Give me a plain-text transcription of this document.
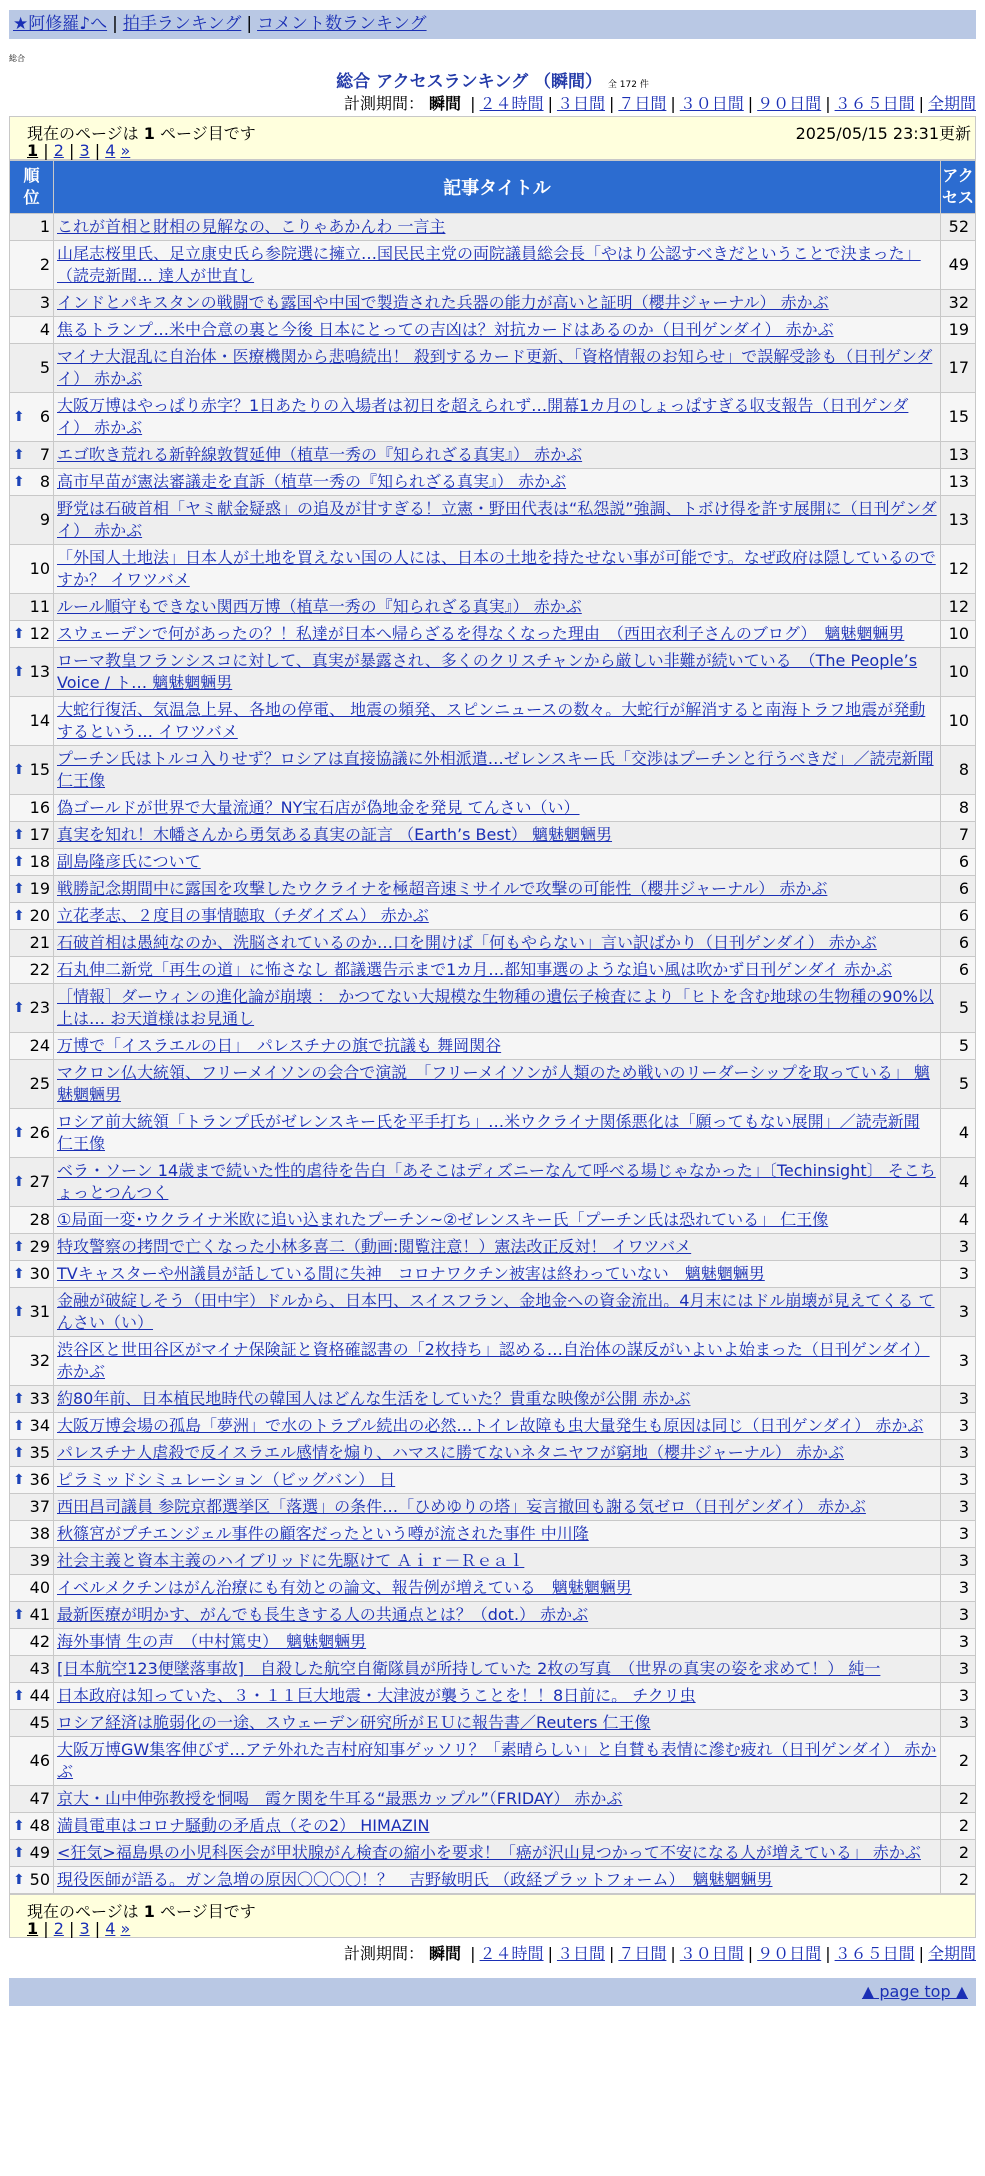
★阿修羅♪へ | 拍手ランキング | コメント数ランキング
総合
総合 アクセスランキング （瞬間） 全 172 件
計測期間： 瞬間 | ２４時間 | ３日間 | ７日間 | ３０日間 | ９０日間 | ３６５日間 | 全期間
現在のページは 1 ページ目です	2025/05/15 23:31更新
1 | 2 | 3 | 4 »
順
位	記事タイトル	アク
セス
1	これが首相と財相の見解なの、こりゃあかんわ 一言主	52
2	山尾志桜里氏、足立康史氏ら参院選に擁立…国民民主党の両院議員総会長「やはり公認すべきだということで決まった」（読売新聞… 達人が世直し	49
3	インドとパキスタンの戦闘でも露国や中国で製造された兵器の能力が高いと証明（櫻井ジャーナル） 赤かぶ	32
4	焦るトランプ…米中合意の裏と今後 日本にとっての吉凶は？対抗カードはあるのか（日刊ゲンダイ） 赤かぶ	19
5	マイナ大混乱に自治体・医療機関から悲鳴続出！ 殺到するカード更新、「資格情報のお知らせ」で誤解受診も（日刊ゲンダイ） 赤かぶ	17

⬆ 6	大阪万博はやっぱり赤字？1日あたりの入場者は初日を超えられず…開幕1カ月のしょっぱすぎる収支報告（日刊ゲンダイ） 赤かぶ	15

⬆ 7	エゴ吹き荒れる新幹線敦賀延伸（植草一秀の『知られざる真実』） 赤かぶ	13

⬆ 8	高市早苗が憲法審議走を直訴（植草一秀の『知られざる真実』） 赤かぶ	13
9	野党は石破首相「ヤミ献金疑惑」の追及が甘すぎる！立憲・野田代表は“私怨説”強調、トボけ得を許す展開に（日刊ゲンダイ） 赤かぶ	13
10	「外国人土地法」日本人が土地を買えない国の人には、日本の土地を持たせない事が可能です。なぜ政府は隠しているのですか？ イワツバメ	12
11	ルール順守もできない関西万博（植草一秀の『知られざる真実』） 赤かぶ	12

⬆ 12	スウェーデンで何があったの？！私達が日本へ帰らざるを得なくなった理由　（西田衣利子さんのブログ）　魑魅魍魎男	10

⬆ 13	ローマ教皇フランシスコに対して、真実が暴露され、多くのクリスチャンから厳しい非難が続いている　（The People’s Voice / ト… 魑魅魍魎男	10
14	大蛇行復活、気温急上昇、各地の停電、 地震の頻発、スピンニュースの数々。大蛇行が解消すると南海トラフ地震が発動するという… イワツバメ	10

⬆ 15	プーチン氏はトルコ入りせず？ロシアは直接協議に外相派遣…ゼレンスキー氏「交渉はプーチンと行うべきだ」／読売新聞 仁王像	8
16	偽ゴールドが世界で大量流通？NY宝石店が偽地金を発見 てんさい（い）	8

⬆ 17	真実を知れ！木幡さんから勇気ある真実の証言 （Earth’s Best） 魑魅魍魎男	7

⬆ 18	副島隆彦氏について	6

⬆ 19	戦勝記念期間中に露国を攻撃したウクライナを極超音速ミサイルで攻撃の可能性（櫻井ジャーナル） 赤かぶ	6

⬆ 20	立花孝志、２度目の事情聴取（チダイズム） 赤かぶ	6
21	石破首相は愚純なのか、洗脳されているのか…口を開けば「何もやらない」言い訳ばかり（日刊ゲンダイ） 赤かぶ	6
22	石丸伸二新党「再生の道」に怖さなし 都議選告示まで1カ月…都知事選のような追い風は吹かず日刊ゲンダイ 赤かぶ	6

⬆ 23	［情報］ダーウィンの進化論が崩壊 ： かつてない大規模な生物種の遺伝子検査により「ヒトを含む地球の生物種の90%以上は… お天道様はお見通し	5
24	万博で「イスラエルの日」　パレスチナの旗で抗議も 舞岡関谷	5
25	マクロン仏大統領、フリーメイソンの会合で演説　「フリーメイソンが人類のため戦いのリーダーシップを取っている」 魑魅魍魎男	5

⬆ 26	ロシア前大統領「トランプ氏がゼレンスキー氏を平手打ち」…米ウクライナ関係悪化は「願ってもない展開」／読売新聞 仁王像	4

⬆ 27	ベラ・ソーン 14歳まで続いた性的虐待を告白「あそこはディズニーなんて呼べる場じゃなかった」〔Techinsight〕 そこちょっとつんつく	4
28	①局面一変･ウクライナ米欧に追い込まれたプーチン~②ゼレンスキー氏「プーチン氏は恐れている」 仁王像	4

⬆ 29	特攻警察の拷問で亡くなった小林多喜二（動画:閲覧注意！）憲法改正反対！ イワツバメ	3

⬆ 30	TVキャスターや州議員が話している間に失神　コロナワクチン被害は終わっていない　魑魅魍魎男	3

⬆ 31	金融が破綻しそう（田中宇）ドルから、日本円、スイスフラン、金地金への資金流出。4月末にはドル崩壊が見えてくる てんさい（い）	3
32	渋谷区と世田谷区がマイナ保険証と資格確認書の「2枚持ち」認める…自治体の謀反がいよいよ始まった（日刊ゲンダイ） 赤かぶ	3

⬆ 33	約80年前、日本植民地時代の韓国人はどんな生活をしていた？貴重な映像が公開 赤かぶ	3

⬆ 34	大阪万博会場の孤島「夢洲」で水のトラブル続出の必然…トイレ故障も虫大量発生も原因は同じ（日刊ゲンダイ） 赤かぶ	3

⬆ 35	パレスチナ人虐殺で反イスラエル感情を煽り、ハマスに勝てないネタニヤフが窮地（櫻井ジャーナル） 赤かぶ	3

⬆ 36	ピラミッドシミュレーション（ビッグバン） 日	3
37	西田昌司議員 参院京都選挙区「落選」の条件…「ひめゆりの塔」妄言撤回も謝る気ゼロ（日刊ゲンダイ） 赤かぶ	3
38	秋篠宮がプチエンジェル事件の顧客だったという噂が流された事件 中川隆	3
39	社会主義と資本主義のハイブリッドに先駆けて Ａｉｒ－Ｒｅａｌ	3
40	イベルメクチンはがん治療にも有効との論文、報告例が増えている　魑魅魍魎男	3

⬆ 41	最新医療が明かす、がんでも長生きする人の共通点とは？（dot.） 赤かぶ	3
42	海外事情 生の声　（中村篤史）　魑魅魍魎男	3
43	[日本航空123便墜落事故]　自殺した航空自衛隊員が所持していた 2枚の写真　（世界の真実の姿を求めて！） 純一	3

⬆ 44	日本政府は知っていた、３・１１巨大地震・大津波が襲うことを！！8日前に。 チクリ虫	3
45	ロシア経済は脆弱化の一途、スウェーデン研究所がＥＵに報告書／Reuters 仁王像	3
46	大阪万博GW集客伸びず…アテ外れた吉村府知事ゲッソリ？「素晴らしい」と自賛も表情に滲む疲れ（日刊ゲンダイ） 赤かぶ	2
47	京大・山中伸弥教授を恫喝　霞ケ関を牛耳る“最悪カップル”（FRIDAY） 赤かぶ	2

⬆ 48	満員電車はコロナ騒動の矛盾点（その2） HIMAZIN	2

⬆ 49	<狂気>福島県の小児科医会が甲状腺がん検査の縮小を要求！「癌が沢山見つかって不安になる人が増えている」 赤かぶ	2

⬆ 50	現役医師が語る。ガン急増の原因〇〇〇〇！？　吉野敏明氏 （政経プラットフォーム）　魑魅魍魎男	2
現在のページは 1 ページ目です
1 | 2 | 3 | 4 »
計測期間： 瞬間 | ２４時間 | ３日間 | ７日間 | ３０日間 | ９０日間 | ３６５日間 | 全期間
▲ page top ▲
